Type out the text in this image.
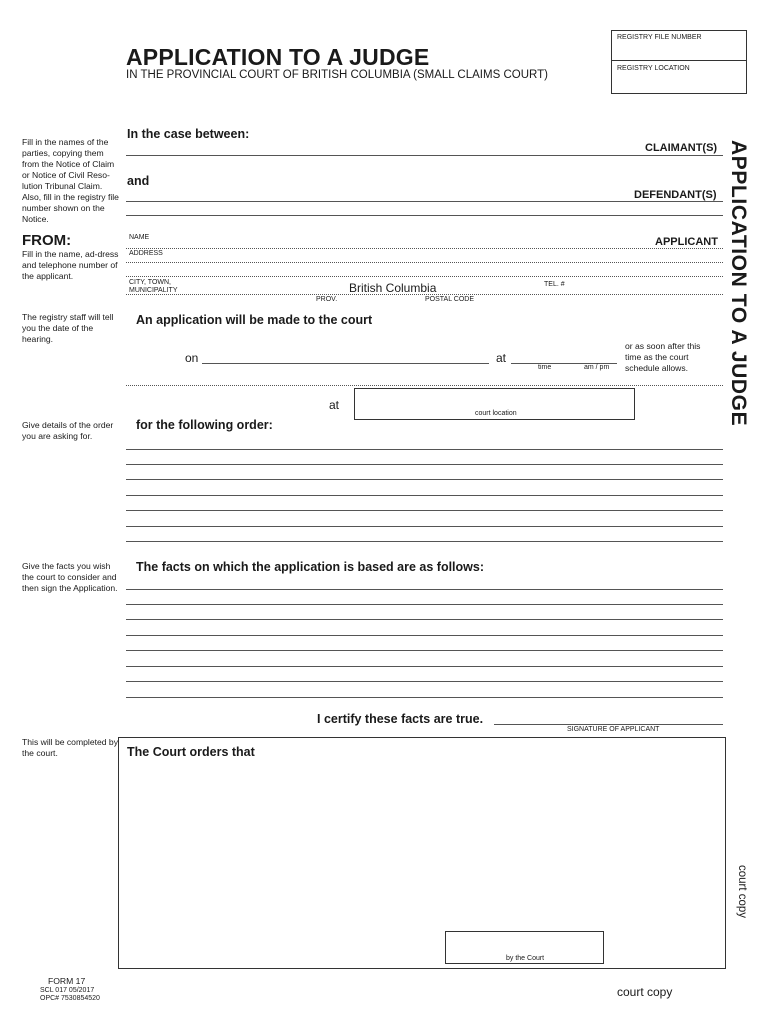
APPLICATION TO A JUDGE
IN THE PROVINCIAL COURT OF BRITISH COLUMBIA (SMALL CLAIMS COURT)
REGISTRY FILE NUMBER
REGISTRY LOCATION
APPLICATION TO A JUDGE
Fill in the names of the parties, copying them from the Notice of Claim or Notice of Civil Reso-lution Tribunal Claim. Also, fill in the registry file number shown on the Notice.
FROM:
Fill in the name, ad-dress and telephone number of the applicant.
The registry staff will tell you the date of the hearing.
Give details of the order you are asking for.
Give the facts you wish the court to consider and then sign the Application.
This will be completed by the court.
In the case between:
CLAIMANT(S)
and
DEFENDANT(S)
NAME	APPLICANT
ADDRESS
CITY, TOWN, MUNICIPALITY	British Columbia	TEL. #
PROV.	POSTAL CODE
An application will be made to the court
on	at
time	am / pm
or as soon after this time as the court schedule allows.
at
court location
for the following order:
The facts on which the application is based are as follows:
I certify these facts are true.
SIGNATURE OF APPLICANT
The Court orders that
by the Court
court copy
FORM 17
SCL 017 05/2017
OPC# 7530854520	court copy
